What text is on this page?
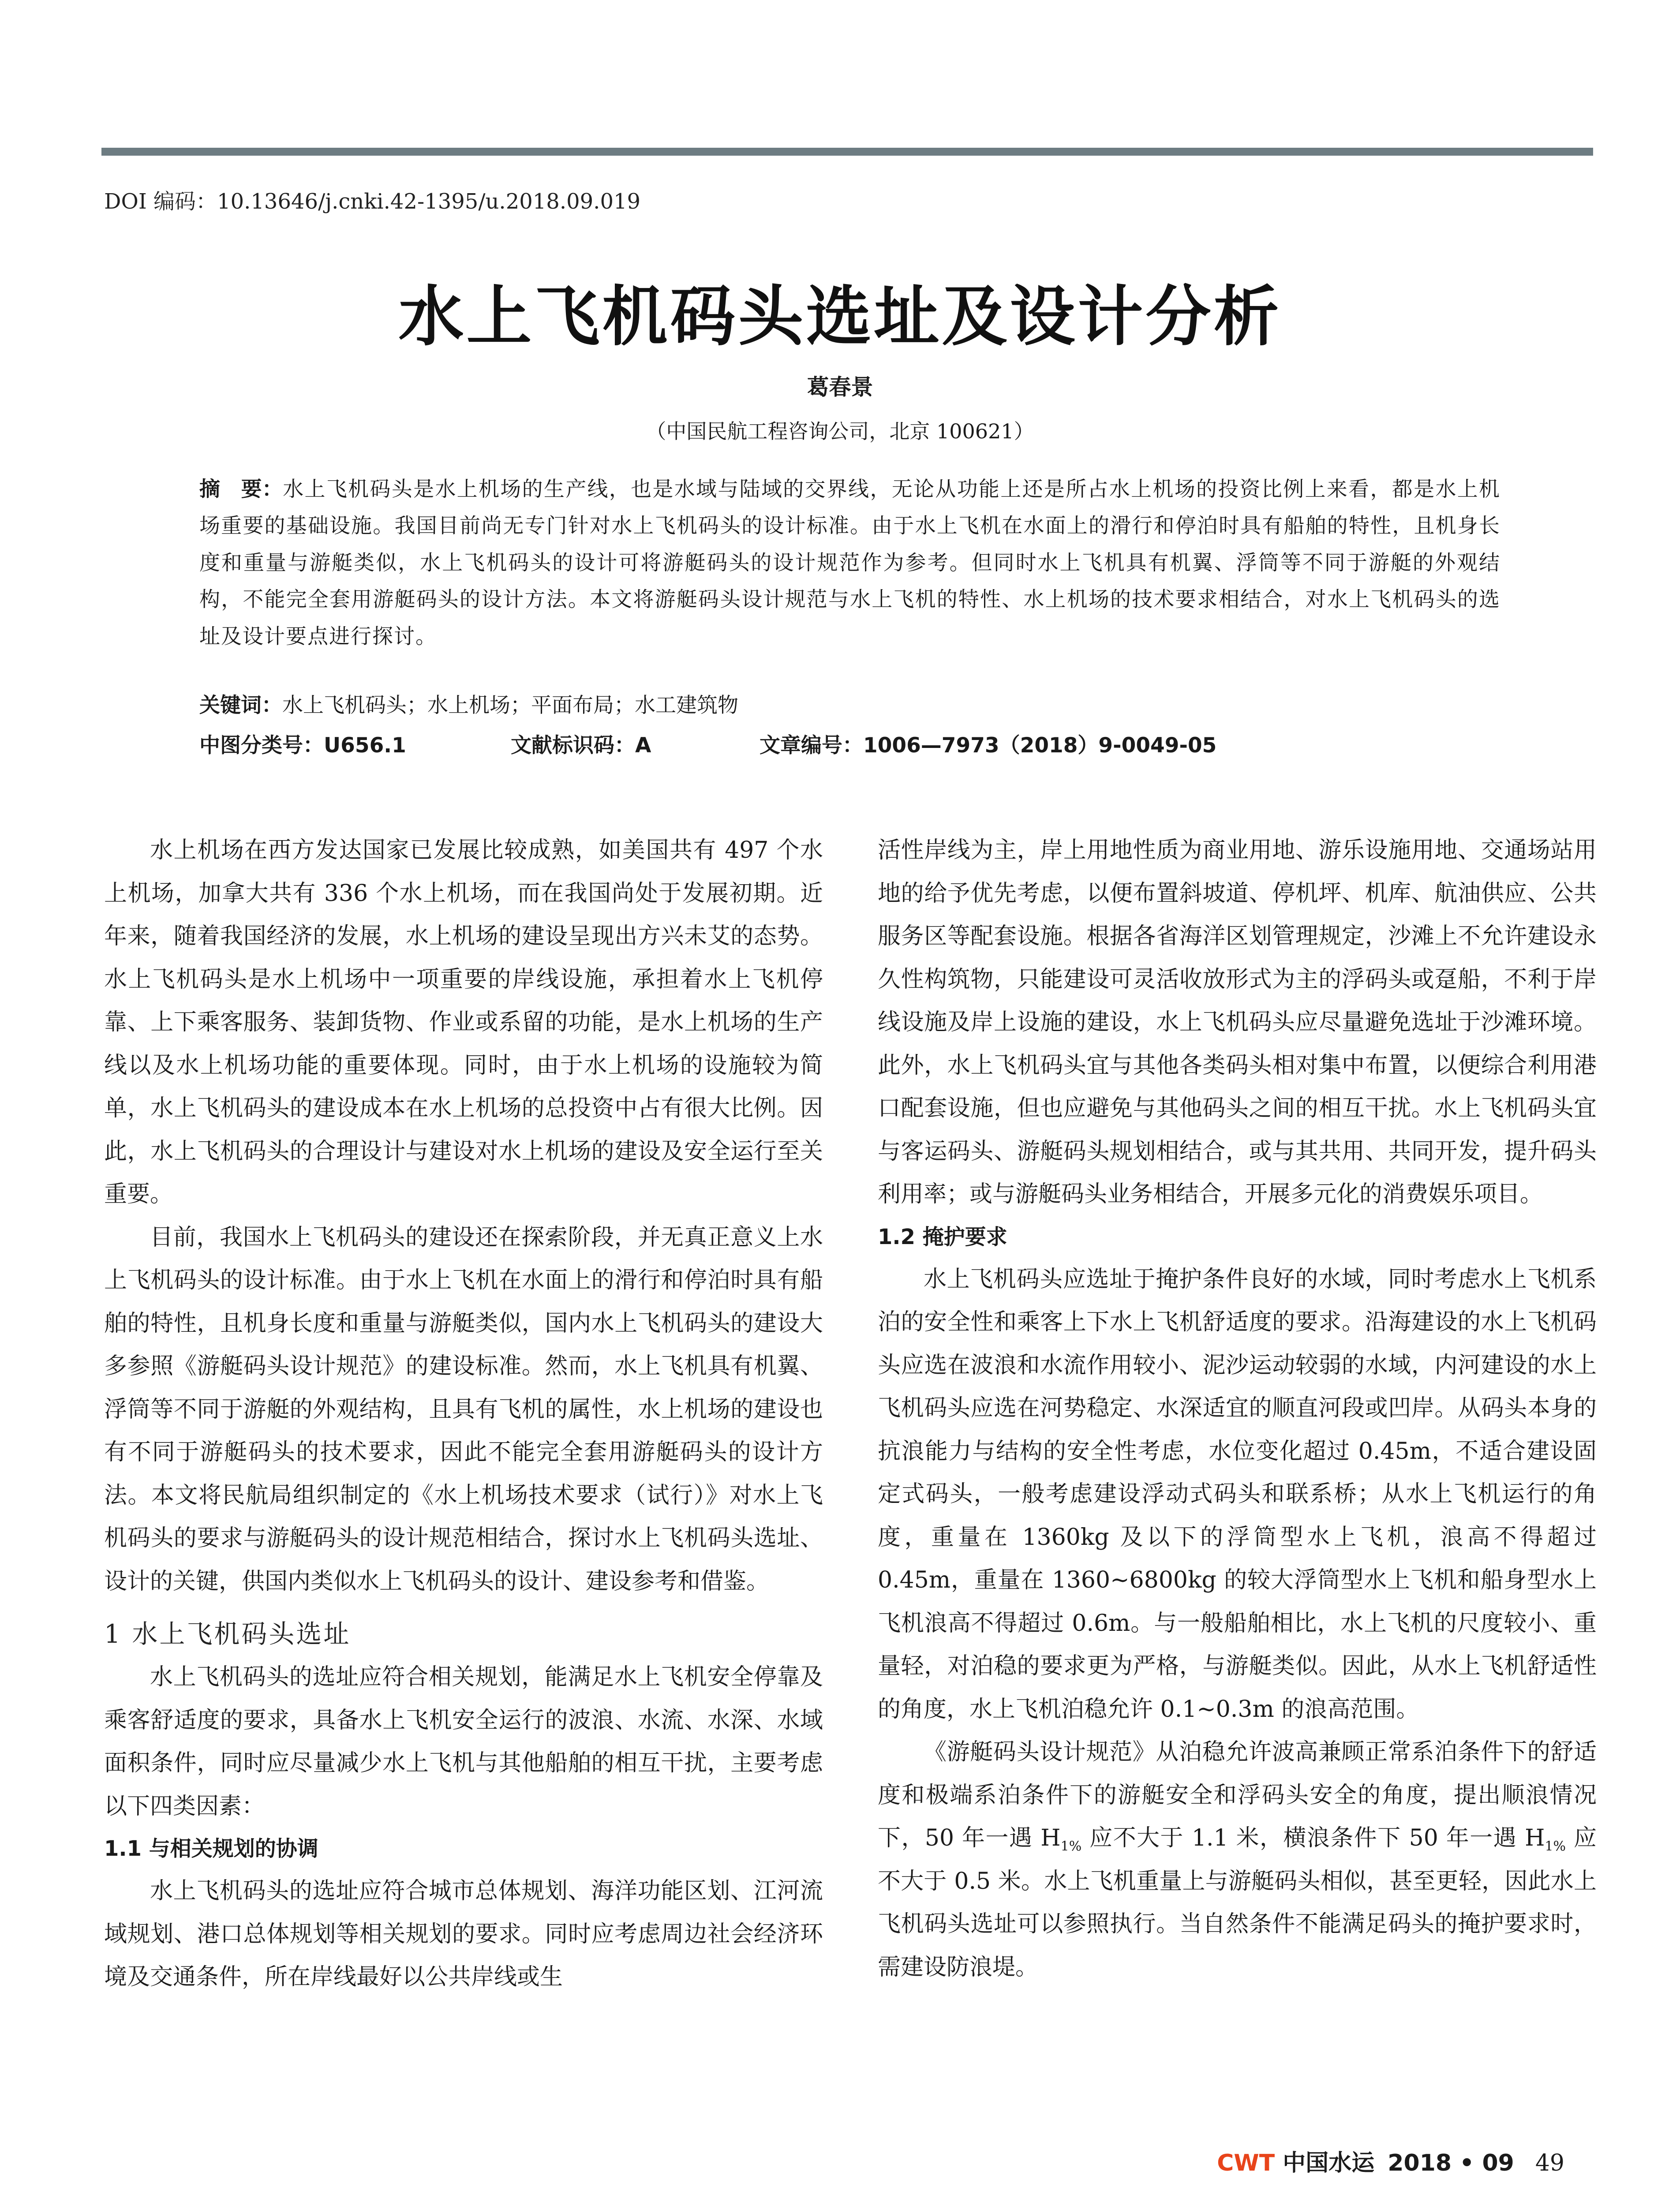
DOI 编码：10.13646/j.cnki.42-1395/u.2018.09.019
水上飞机码头选址及设计分析
葛春景
（中国民航工程咨询公司，北京 100621）
摘　要：水上飞机码头是水上机场的生产线，也是水域与陆域的交界线，无论从功能上还是所占水上机场的投资比例上来看，都是水上机场重要的基础设施。我国目前尚无专门针对水上飞机码头的设计标准。由于水上飞机在水面上的滑行和停泊时具有船舶的特性，且机身长度和重量与游艇类似，水上飞机码头的设计可将游艇码头的设计规范作为参考。但同时水上飞机具有机翼、浮筒等不同于游艇的外观结构，不能完全套用游艇码头的设计方法。本文将游艇码头设计规范与水上飞机的特性、水上机场的技术要求相结合，对水上飞机码头的选址及设计要点进行探讨。
关键词：水上飞机码头；水上机场；平面布局；水工建筑物
中图分类号：U656.1	文献标识码：A	文章编号：1006—7973（2018）9-0049-05

水上机场在西方发达国家已发展比较成熟，如美国共有 497 个水上机场，加拿大共有 336 个水上机场，而在我国尚处于发展初期。近年来，随着我国经济的发展，水上机场的建设呈现出方兴未艾的态势。水上飞机码头是水上机场中一项重要的岸线设施，承担着水上飞机停靠、上下乘客服务、装卸货物、作业或系留的功能，是水上机场的生产线以及水上机场功能的重要体现。同时，由于水上机场的设施较为简单，水上飞机码头的建设成本在水上机场的总投资中占有很大比例。因此，水上飞机码头的合理设计与建设对水上机场的建设及安全运行至关重要。

目前，我国水上飞机码头的建设还在探索阶段，并无真正意义上水上飞机码头的设计标准。由于水上飞机在水面上的滑行和停泊时具有船舶的特性，且机身长度和重量与游艇类似，国内水上飞机码头的建设大多参照《游艇码头设计规范》的建设标准。然而，水上飞机具有机翼、浮筒等不同于游艇的外观结构，且具有飞机的属性，水上机场的建设也有不同于游艇码头的技术要求，因此不能完全套用游艇码头的设计方法。本文将民航局组织制定的《水上机场技术要求（试行）》对水上飞机码头的要求与游艇码头的设计规范相结合，探讨水上飞机码头选址、设计的关键，供国内类似水上飞机码头的设计、建设参考和借鉴。

1 水上飞机码头选址

水上飞机码头的选址应符合相关规划，能满足水上飞机安全停靠及乘客舒适度的要求，具备水上飞机安全运行的波浪、水流、水深、水域面积条件，同时应尽量减少水上飞机与其他船舶的相互干扰，主要考虑以下四类因素：

1.1 与相关规划的协调

水上飞机码头的选址应符合城市总体规划、海洋功能区划、江河流域规划、港口总体规划等相关规划的要求。同时应考虑周边社会经济环境及交通条件，所在岸线最好以公共岸线或生

活性岸线为主，岸上用地性质为商业用地、游乐设施用地、交通场站用地的给予优先考虑，以便布置斜坡道、停机坪、机库、航油供应、公共服务区等配套设施。根据各省海洋区划管理规定，沙滩上不允许建设永久性构筑物，只能建设可灵活收放形式为主的浮码头或趸船，不利于岸线设施及岸上设施的建设，水上飞机码头应尽量避免选址于沙滩环境。此外，水上飞机码头宜与其他各类码头相对集中布置，以便综合利用港口配套设施，但也应避免与其他码头之间的相互干扰。水上飞机码头宜与客运码头、游艇码头规划相结合，或与其共用、共同开发，提升码头利用率；或与游艇码头业务相结合，开展多元化的消费娱乐项目。

1.2 掩护要求

水上飞机码头应选址于掩护条件良好的水域，同时考虑水上飞机系泊的安全性和乘客上下水上飞机舒适度的要求。沿海建设的水上飞机码头应选在波浪和水流作用较小、泥沙运动较弱的水域，内河建设的水上飞机码头应选在河势稳定、水深适宜的顺直河段或凹岸。从码头本身的抗浪能力与结构的安全性考虑，水位变化超过 0.45m，不适合建设固定式码头，一般考虑建设浮动式码头和联系桥；从水上飞机运行的角度，重量在 1360kg 及以下的浮筒型水上飞机，浪高不得超过 0.45m，重量在 1360~6800kg 的较大浮筒型水上飞机和船身型水上飞机浪高不得超过 0.6m。与一般船舶相比，水上飞机的尺度较小、重量轻，对泊稳的要求更为严格，与游艇类似。因此，从水上飞机舒适性的角度，水上飞机泊稳允许 0.1~0.3m 的浪高范围。

《游艇码头设计规范》从泊稳允许波高兼顾正常系泊条件下的舒适度和极端系泊条件下的游艇安全和浮码头安全的角度，提出顺浪情况下，50 年一遇 $H_{1\%}$ 应不大于 1.1 米，横浪条件下 50 年一遇 $H_{1\%}$ 应不大于 0.5 米。水上飞机重量上与游艇码头相似，甚至更轻，因此水上飞机码头选址可以参照执行。当自然条件不能满足码头的掩护要求时，需建设防浪堤。

CWT 中国水运 2018 • 09 49
